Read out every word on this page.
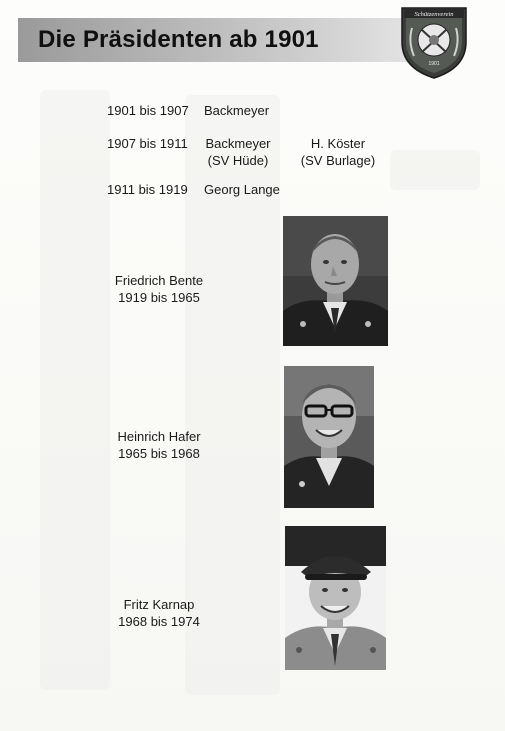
Die Präsidenten ab 1901
Schützenverein
1901
1901 bis 1907 Backmeyer
1907 bis 1911	Backmeyer
(SV Hüde)
H. Köster
(SV Burlage)
1911 bis 1919 Georg Lange
Friedrich Bente
1919 bis 1965
Heinrich Hafer
1965 bis 1968
Fritz Karnap
1968 bis 1974
